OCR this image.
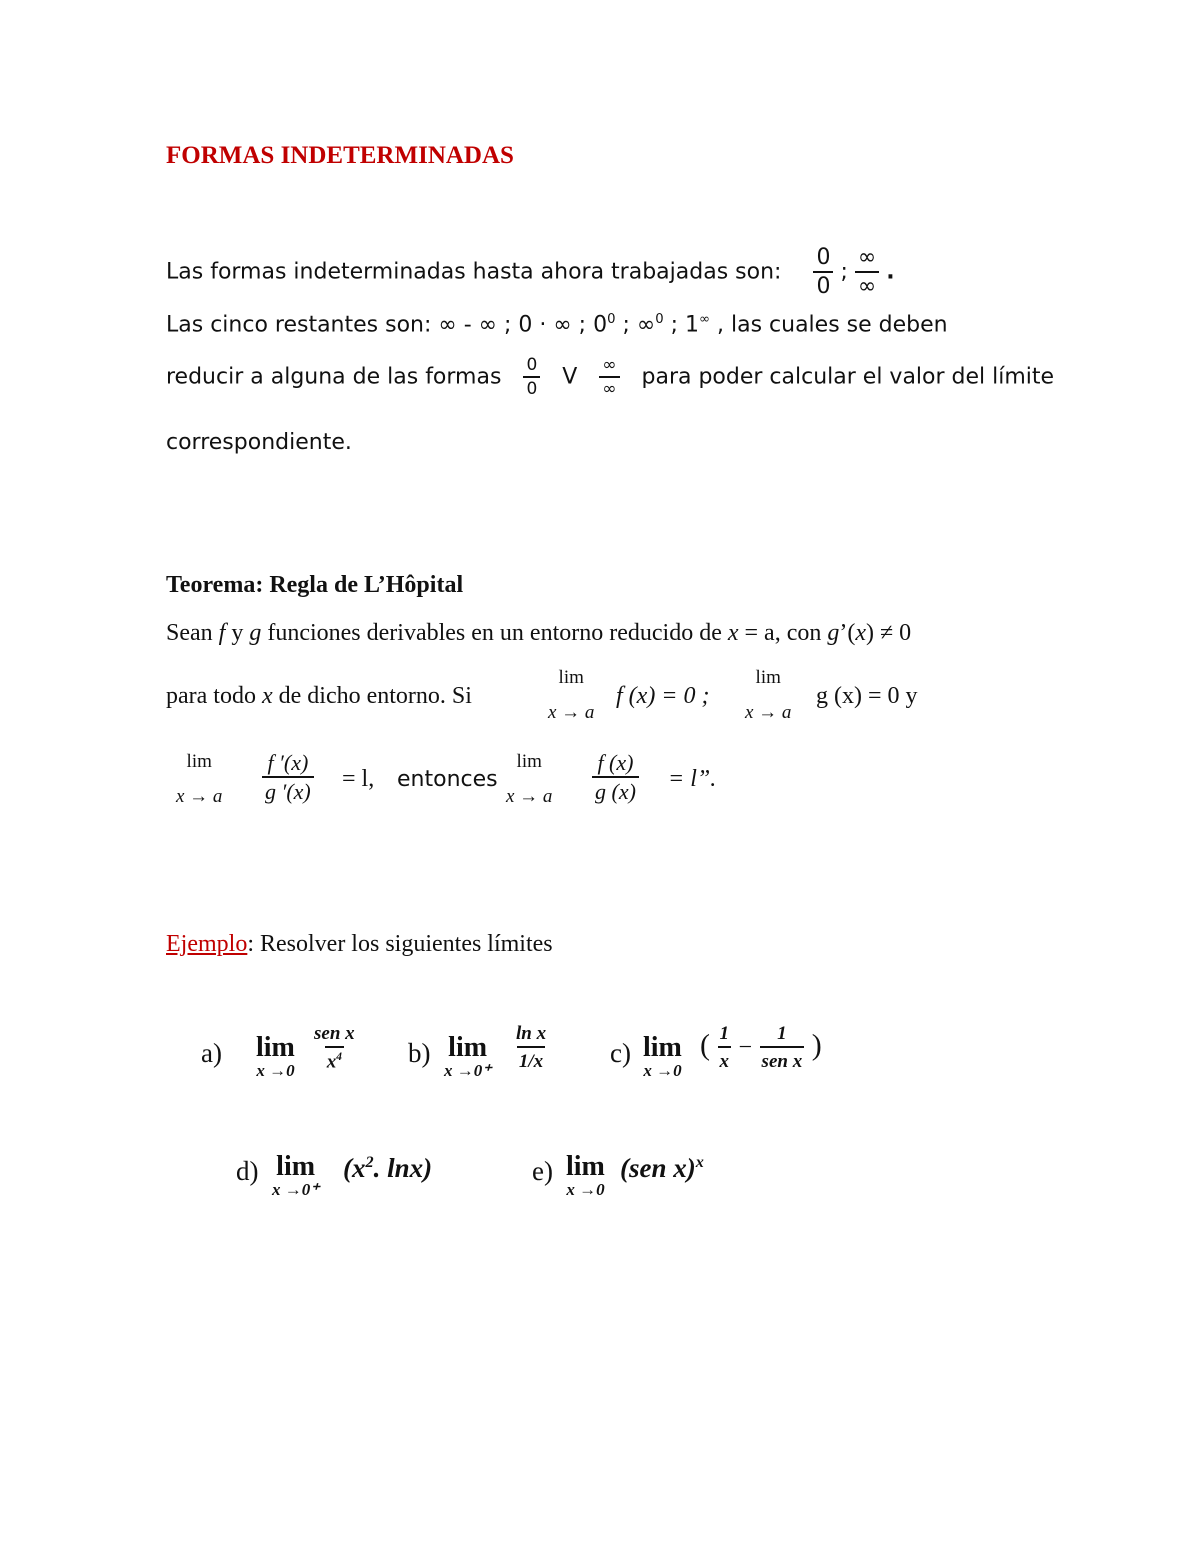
FORMAS INDETERMINADAS
Las formas indeterminadas hasta ahora trabajadas son: $\frac{0}{0}$ ; $\frac{\infty}{\infty}$ .
Las cinco restantes son: ∞ - ∞ ; 0 · ∞ ; $0^0$ ; ∞$^0$ ; 1∞ , las cuales se deben
reducir a alguna de las formas $\frac{0}{0}$ V $\frac{\infty}{\infty}$ para poder calcular el valor del límite
correspondiente.
Teorema: Regla de L’Hôpital
Sean f y g funciones derivables en un entorno reducido de x = a, con g’(x) ≠ 0
para todo x de dicho entorno. Si
lim
x → a
f (x) = 0 ;
lim
x → a
g (x) = 0 y
lim
x → a $\frac{f '(x)}{g '(x)} = l$, entonces
lim
x → a $\frac{f (x)}{g (x)} = l$”.
Ejemplo: Resolver los siguientes límites
a) lim
$x \to 0 \frac{\text{sen x}}{x^4} b$) lim
$x \to 0^+ \frac{\text{ln x}}{1/x} c$) lim
x →0
( $\frac{1}{x} - \frac{1}{\text{sen x}}$ )
d) lim
x →0⁺
($x^2$. lnx)	e) lim
x →0
(sen x)$^x$
